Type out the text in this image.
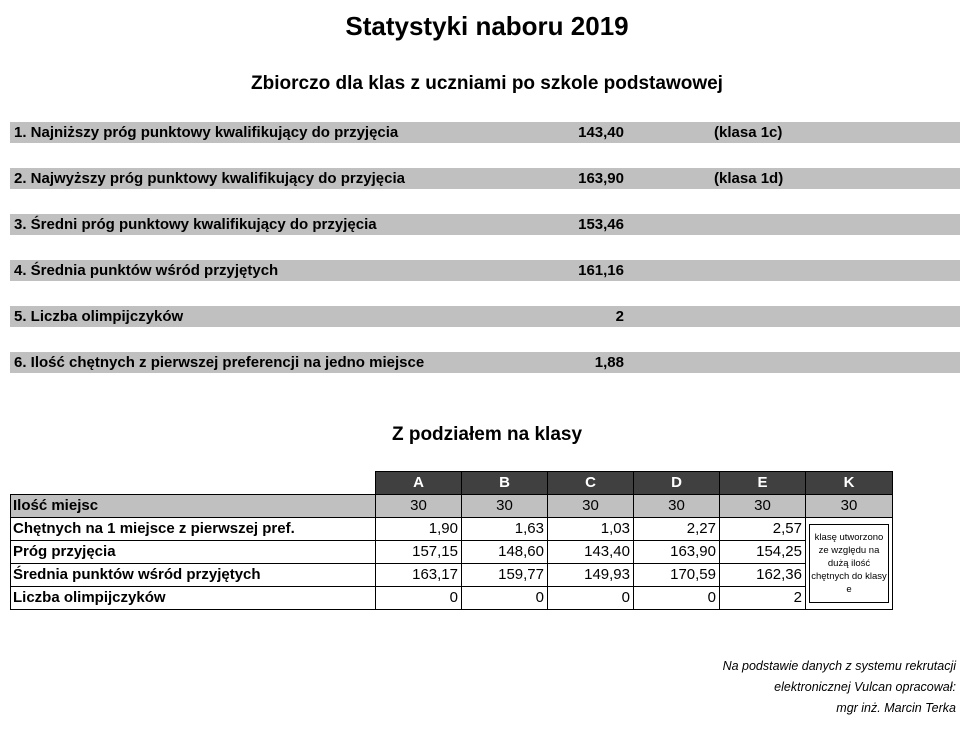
Statystyki naboru 2019
Zbiorczo dla klas z uczniami po szkole podstawowej
1. Najniższy próg punktowy kwalifikujący do przyjęcia	143,40	(klasa 1c)
2. Najwyższy próg punktowy kwalifikujący do przyjęcia	163,90	(klasa 1d)
3. Średni próg punktowy kwalifikujący do przyjęcia	153,46
4. Średnia punktów wśród przyjętych	161,16
5. Liczba olimpijczyków	2
6. Ilość chętnych z pierwszej preferencji na jedno miejsce	1,88
Z podziałem na klasy
	A	B	C	D	E	K
Ilość miejsc	30	30	30	30	30	30
Chętnych na 1 miejsce z pierwszej pref.	1,90	1,63	1,03	2,27	2,57	klasę utworzono ze względu na dużą ilość chętnych do klasy e

Próg przyjęcia	157,15	148,60	143,40	163,90	154,25	
Średnia punktów wśród przyjętych	163,17	159,77	149,93	170,59	162,36	
Liczba olimpijczyków	0	0	0	0	2	
Na podstawie danych z systemu rekrutacji
elektronicznej Vulcan opracował:
mgr inż. Marcin Terka
